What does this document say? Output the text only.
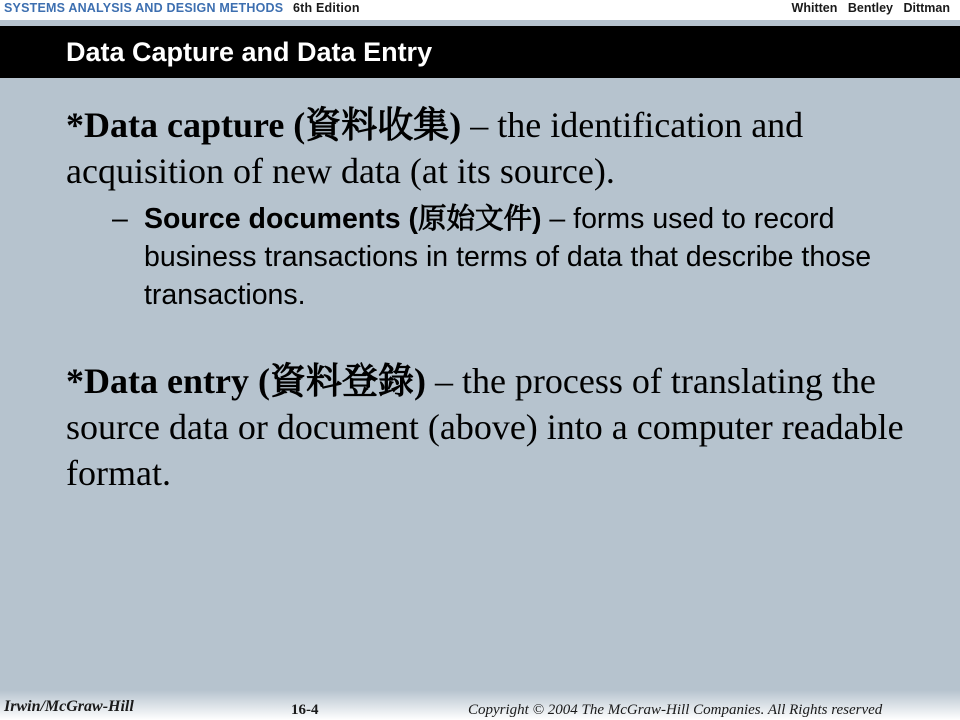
SYSTEMS ANALYSIS AND DESIGN METHODS 6th Edition	Whitten Bentley Dittman
Data Capture and Data Entry

*Data capture (資料收集) – the identification and acquisition of new data (at its source).

– Source documents (原始文件) – forms used to record business transactions in terms of data that describe those transactions.

*Data entry (資料登錄) – the process of translating the source data or document (above) into a computer readable format.

Irwin/McGraw-Hill	16-4	Copyright © 2004 The McGraw-Hill Companies. All Rights reserved
